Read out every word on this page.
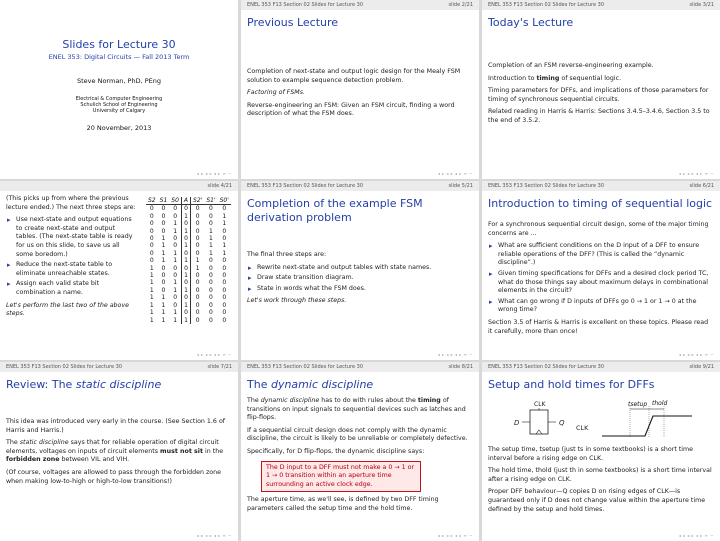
Slides for Lecture 30
ENEL 353: Digital Circuits — Fall 2013 Term
Steve Norman, PhD, PEng
Electrical & Computer Engineering
Schulich School of Engineering
University of Calgary
20 November, 2013
◂ ▸ ◂ ▸ ◂ ▸ ≡ ∽
ENEL 353 F13 Section 02 Slides for Lecture 30	slide 2/21
Previous Lecture

Completion of next-state and output logic design for the Mealy FSM solution to example sequence detection problem.

Factoring of FSMs.

Reverse-engineering an FSM: Given an FSM circuit, finding a word description of what the FSM does.

◂ ▸ ◂ ▸ ◂ ▸ ≡ ∽
ENEL 353 F13 Section 02 Slides for Lecture 30	slide 3/21
Today's Lecture

Completion of an FSM reverse-engineering example.

Introduction to timing of sequential logic.

Timing parameters for DFFs, and implications of those parameters for timing of synchronous sequential circuits.

Related reading in Harris & Harris: Sections 3.4.5–3.4.6, Section 3.5 to the end of 3.5.2.

◂ ▸ ◂ ▸ ◂ ▸ ≡ ∽
slide 4/21

(This picks up from where the previous lecture ended.) The next three steps are:

▸ Use next-state and output equations to create next-state and output tables. (The next-state table is ready for us on this slide, to save us all some boredom.)
▸ Reduce the next-state table to eliminate unreachable states.
▸ Assign each valid state bit combination a name.

Let's perform the last two of the above steps.

S2	S1	S0	A	S2'	S1'	S0'
0	0	0	0	0	0	0
0	0	0	1	0	0	1
0	0	1	0	0	0	1
0	0	1	1	0	1	0
0	1	0	0	0	1	0
0	1	0	1	0	1	1
0	1	1	0	0	1	1
0	1	1	1	1	0	0
1	0	0	0	1	0	0
1	0	0	1	0	0	0
1	0	1	0	0	0	0
1	0	1	1	0	0	0
1	1	0	0	0	0	0
1	1	0	1	0	0	0
1	1	1	0	0	0	0
1	1	1	1	0	0	0
◂ ▸ ◂ ▸ ◂ ▸ ≡ ∽
ENEL 353 F13 Section 02 Slides for Lecture 30	slide 5/21
Completion of the example FSM derivation problem

The final three steps are:

▸ Rewrite next-state and output tables with state names.
▸ Draw state transition diagram.
▸ State in words what the FSM does.

Let's work through these steps.

◂ ▸ ◂ ▸ ◂ ▸ ≡ ∽
ENEL 353 F13 Section 02 Slides for Lecture 30	slide 6/21
Introduction to timing of sequential logic

For a synchronous sequential circuit design, some of the major timing concerns are ...

▸ What are sufficient conditions on the D input of a DFF to ensure reliable operations of the DFF? (This is called the “dynamic discipline”.)
▸ Given timing specifications for DFFs and a desired clock period TC, what do those things say about maximum delays in combinational elements in the circuit?
▸ What can go wrong if D inputs of DFFs go 0 → 1 or 1 → 0 at the wrong time?

Section 3.5 of Harris & Harris is excellent on these topics. Please read it carefully, more than once!

◂ ▸ ◂ ▸ ◂ ▸ ≡ ∽
ENEL 353 F13 Section 02 Slides for Lecture 30	slide 7/21
Review: The static discipline

This idea was introduced very early in the course. (See Section 1.6 of Harris and Harris.)

The static discipline says that for reliable operation of digital circuit elements, voltages on inputs of circuit elements must not sit in the forbidden zone between VIL and VIH.

(Of course, voltages are allowed to pass through the forbidden zone when making low-to-high or high-to-low transitions!)

◂ ▸ ◂ ▸ ◂ ▸ ≡ ∽
ENEL 353 F13 Section 02 Slides for Lecture 30	slide 8/21
The dynamic discipline

The dynamic discipline has to do with rules about the timing of transitions on input signals to sequential devices such as latches and flip-flops.

If a sequential circuit design does not comply with the dynamic discipline, the circuit is likely to be unreliable or completely defective.

Specifically, for D flip-flops, the dynamic discipline says:

The D input to a DFF must not make a 0 → 1 or 1 → 0 transition within an aperture time surrounding an active clock edge.

The aperture time, as we'll see, is defined by two DFF timing parameters called the setup time and the hold time.

◂ ▸ ◂ ▸ ◂ ▸ ≡ ∽
ENEL 353 F13 Section 02 Slides for Lecture 30	slide 9/21
Setup and hold times for DFFs
CLK
D	Q
CLK
tsetup thold

The setup time, tsetup (just ts in some textbooks) is a short time interval before a rising edge on CLK.

The hold time, thold (just th in some textbooks) is a short time interval after a rising edge on CLK.

Proper DFF behaviour—Q copies D on rising edges of CLK—is guaranteed only if D does not change value within the aperture time defined by the setup and hold times.

◂ ▸ ◂ ▸ ◂ ▸ ≡ ∽
